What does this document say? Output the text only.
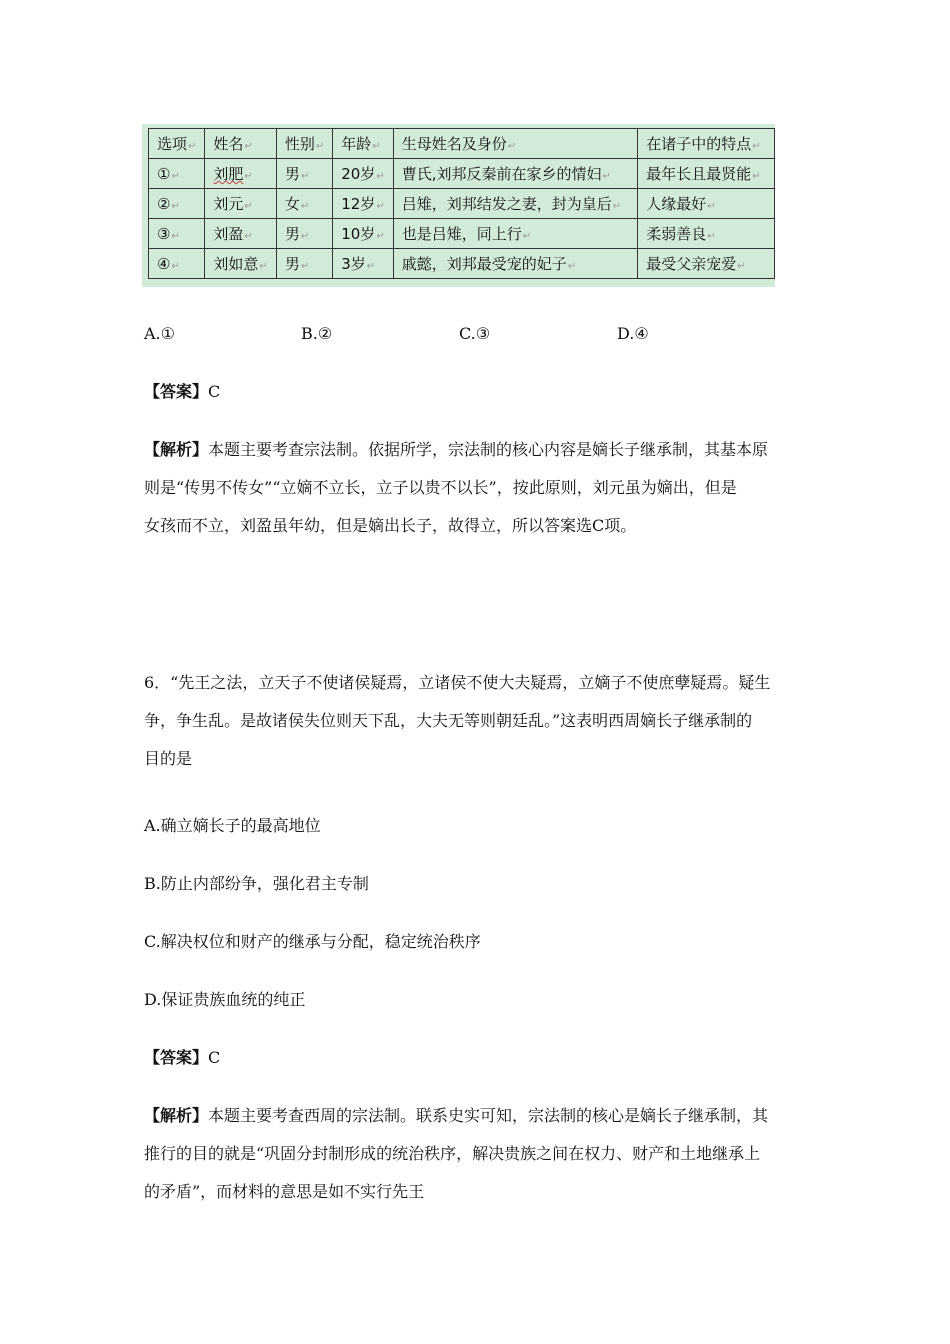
选项↵	姓名↵	性别↵	年龄↵	生母姓名及身份↵	在诸子中的特点↵
①↵	刘肥↵	男↵	20岁↵	曹氏,刘邦反秦前在家乡的情妇↵	最年长且最贤能↵
②↵	刘元↵	女↵	12岁↵	吕雉，刘邦结发之妻，封为皇后↵	人缘最好↵
③↵	刘盈↵	男↵	10岁↵	也是吕雉，同上行↵	柔弱善良↵
④↵	刘如意↵	男↵	3岁↵	戚懿，刘邦最受宠的妃子↵	最受父亲宠爱↵
A.①	B.②	C.③	D.④
【答案】C
【解析】本题主要考查宗法制。依据所学，宗法制的核心内容是嫡长子继承制，其基本原
则是“传男不传女”“立嫡不立长，立子以贵不以长”，按此原则，刘元虽为嫡出，但是
女孩而不立，刘盈虽年幼，但是嫡出长子，故得立，所以答案选C项。
6．“先王之法，立天子不使诸侯疑焉，立诸侯不使大夫疑焉，立嫡子不使庶孽疑焉。疑生
争，争生乱。是故诸侯失位则天下乱，大夫无等则朝廷乱。”这表明西周嫡长子继承制的
目的是
A.确立嫡长子的最高地位
B.防止内部纷争，强化君主专制
C.解决权位和财产的继承与分配，稳定统治秩序
D.保证贵族血统的纯正
【答案】C
【解析】本题主要考查西周的宗法制。联系史实可知，宗法制的核心是嫡长子继承制，其
推行的目的就是“巩固分封制形成的统治秩序，解决贵族之间在权力、财产和土地继承上
的矛盾”，而材料的意思是如不实行先王
